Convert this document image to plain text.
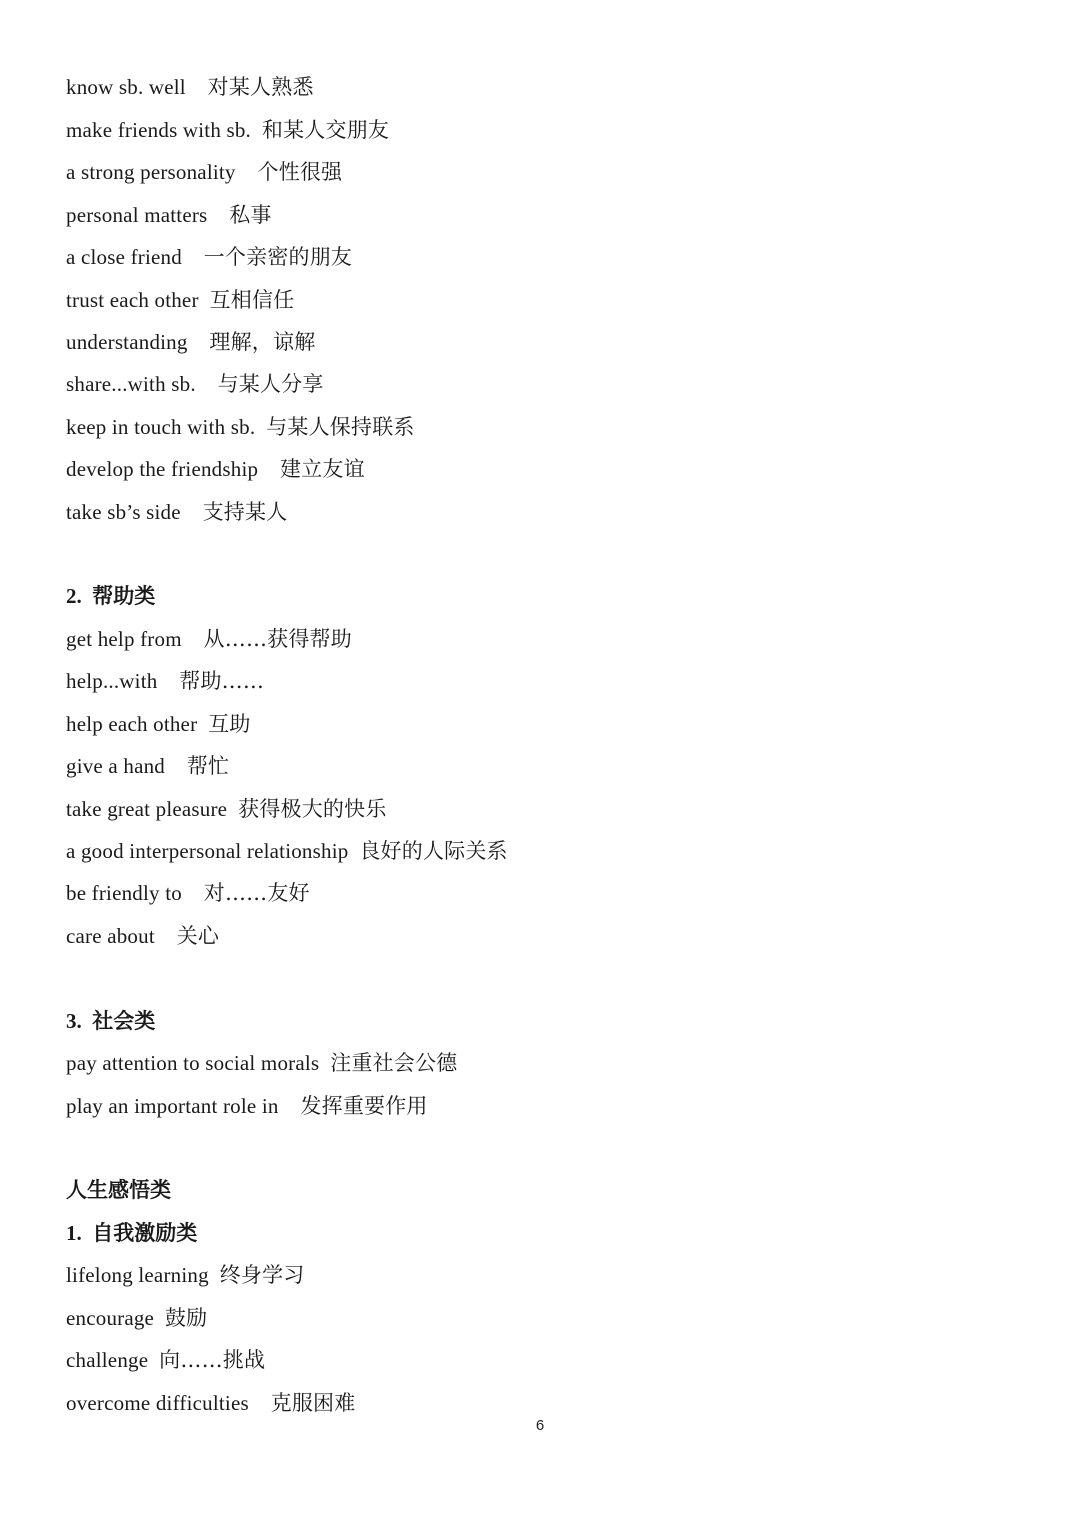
know sb. well 对某人熟悉
make friends with sb. 和某人交朋友
a strong personality 个性很强
personal matters 私事
a close friend 一个亲密的朋友
trust each other 互相信任
understanding 理解，谅解
share...with sb. 与某人分享
keep in touch with sb. 与某人保持联系
develop the friendship 建立友谊
take sb’s side 支持某人
2.  帮助类
get help from 从……获得帮助
help...with 帮助……
help each other 互助
give a hand 帮忙
take great pleasure 获得极大的快乐
a good interpersonal relationship 良好的人际关系
be friendly to 对……友好
care about 关心
3.  社会类
pay attention to social morals 注重社会公德
play an important role in 发挥重要作用
人生感悟类
1.  自我激励类
lifelong learning 终身学习
encourage 鼓励
challenge 向……挑战
overcome difficulties 克服困难
6
